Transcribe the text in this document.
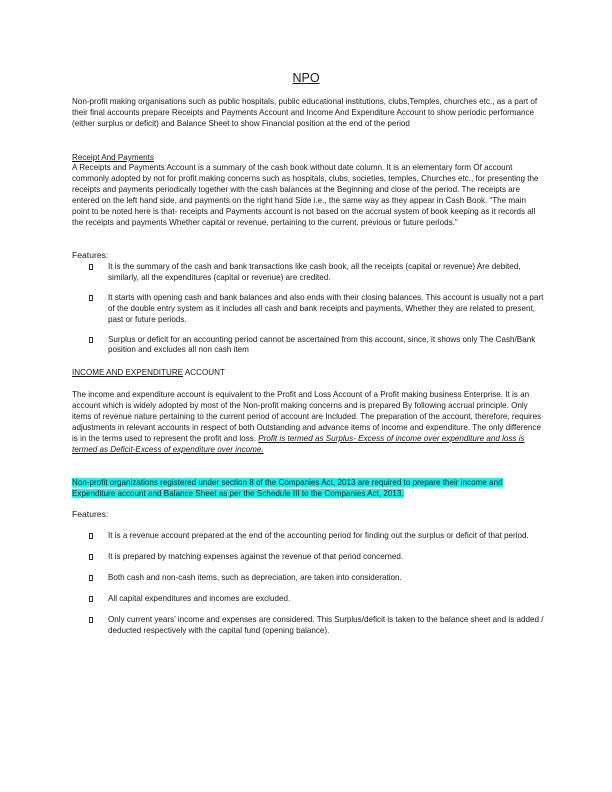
NPO

Non-profit making organisations such as public hospitals, public educational institutions, clubs,Temples, churches etc., as a part of their final accounts prepare Receipts and Payments Account and Income And Expenditure Account to show periodic performance (either surplus or deficit) and Balance Sheet to show Financial position at the end of the period

Receipt And Payments

A Receipts and Payments Account is a summary of the cash book without date column. It is an elementary form Of account commonly adopted by not for profit making concerns such as hospitals, clubs, societies, temples, Churches etc., for presenting the receipts and payments periodically together with the cash balances at the Beginning and close of the period. The receipts are entered on the left hand side, and payments on the right hand Side i.e., the same way as they appear in Cash Book. “The main point to be noted here is that- receipts and Payments account is not based on the accrual system of book keeping as it records all the receipts and payments Whether capital or revenue, pertaining to the current, previous or future periods.”

Features:
It is the summary of the cash and bank transactions like cash book, all the receipts (capital or revenue) Are debited, similarly, all the expenditures (capital or revenue) are credited.
It starts with opening cash and bank balances and also ends with their closing balances. This account is usually not a part of the double entry system as it includes all cash and bank receipts and payments, Whether they are related to present, past or future periods.
Surplus or deficit for an accounting period cannot be ascertained from this account, since, it shows only The Cash/Bank position and excludes all non cash item
INCOME AND EXPENDITURE ACCOUNT

The income and expenditure account is equivalent to the Profit and Loss Account of a Profit making business Enterprise. It is an account which is widely adopted by most of the Non-profit making concerns and is prepared By following accrual principle. Only items of revenue nature pertaining to the current period of account are Included. The preparation of the account, therefore, requires adjustments in relevant accounts in respect of both Outstanding and advance items of income and expenditure. The only difference is in the terms used to represent the profit and loss. Profit is termed as Surplus- Excess of income over expenditure and loss is termed as Deficit-Excess of expenditure over income.

Non-profit organizations registered under section 8 of the Companies Act, 2013 are required to prepare their income and Expenditure account and Balance Sheet as per the Schedule III to the Companies Act, 2013.

Features:
It is a revenue account prepared at the end of the accounting period for finding out the surplus or deficit of that period.
It is prepared by matching expenses against the revenue of that period concerned.
Both cash and non-cash items, such as depreciation, are taken into consideration.
All capital expenditures and incomes are excluded.
Only current years’ income and expenses are considered. This Surplus/deficit is taken to the balance sheet and is added / deducted respectively with the capital fund (opening balance).
